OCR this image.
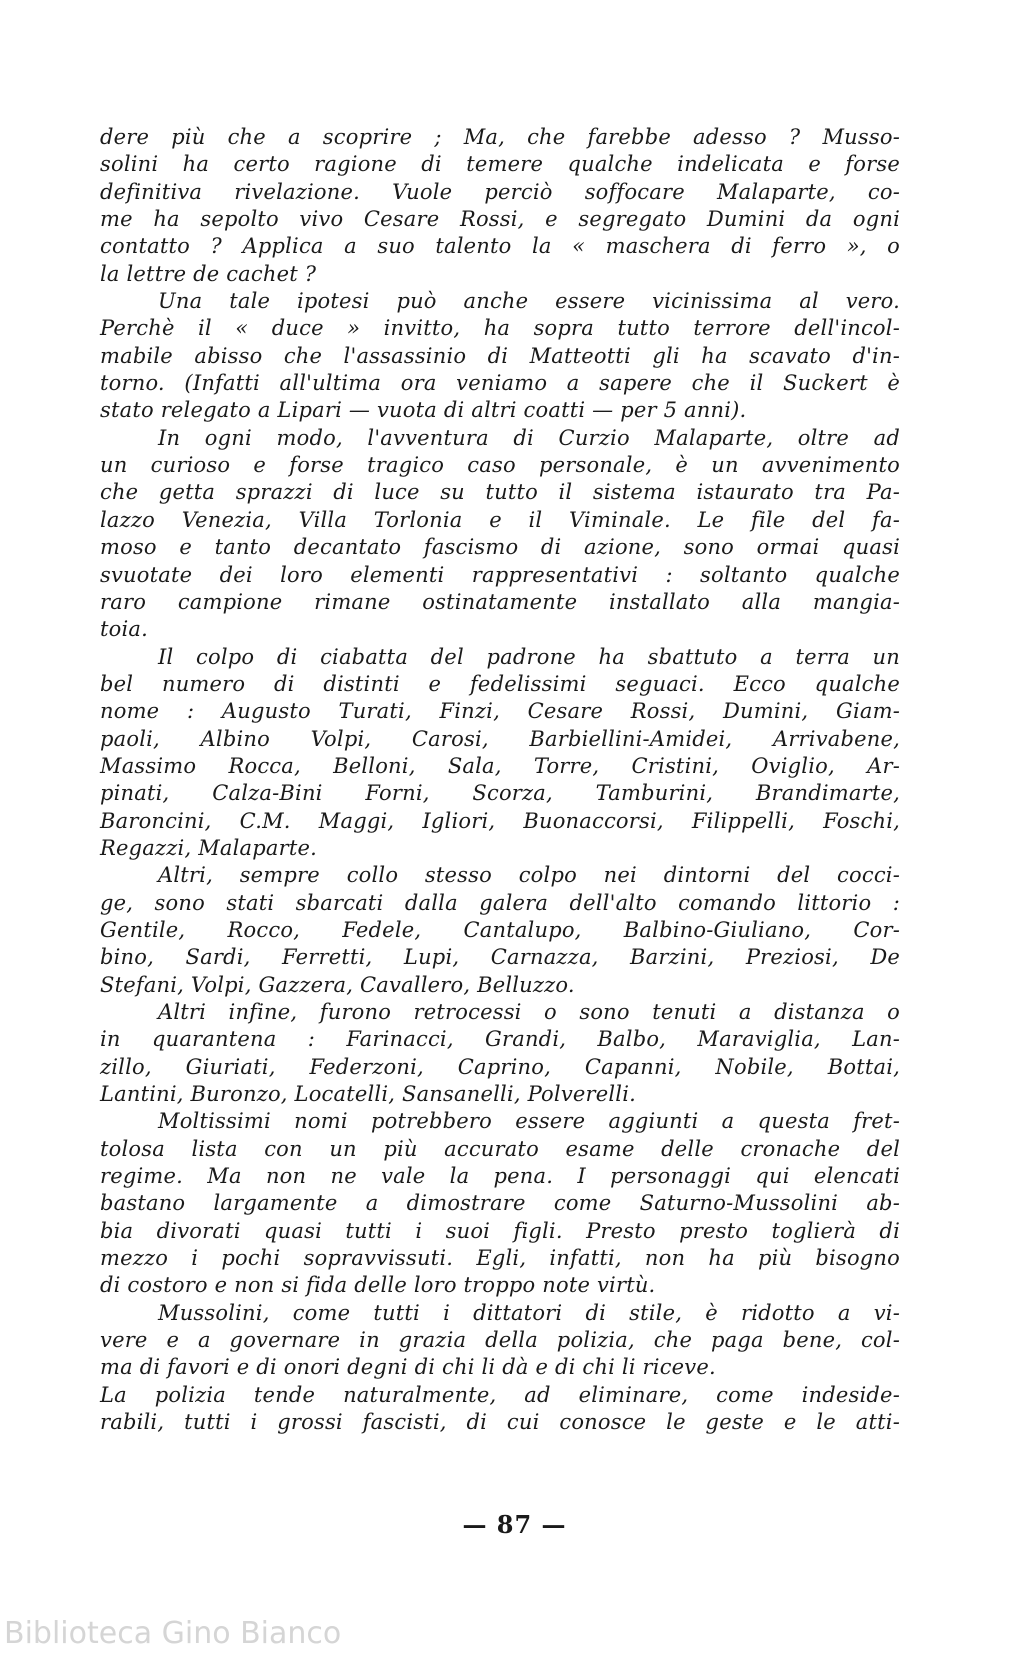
dere più che a scoprire ; Ma, che farebbe adesso ? Musso-
solini ha certo ragione di temere qualche indelicata e forse
definitiva rivelazione. Vuole perciò soffocare Malaparte, co-
me ha sepolto vivo Cesare Rossi, e segregato Dumini da ogni
contatto ? Applica a suo talento la « maschera di ferro », o
la lettre de cachet ?
Una tale ipotesi può anche essere vicinissima al vero.
Perchè il « duce » invitto, ha sopra tutto terrore dell'incol-
mabile abisso che l'assassinio di Matteotti gli ha scavato d'in-
torno. (Infatti all'ultima ora veniamo a sapere che il Suckert è
stato relegato a Lipari — vuota di altri coatti — per 5 anni).
In ogni modo, l'avventura di Curzio Malaparte, oltre ad
un curioso e forse tragico caso personale, è un avvenimento
che getta sprazzi di luce su tutto il sistema istaurato tra Pa-
lazzo Venezia, Villa Torlonia e il Viminale. Le file del fa-
moso e tanto decantato fascismo di azione, sono ormai quasi
svuotate dei loro elementi rappresentativi : soltanto qualche
raro campione rimane ostinatamente installato alla mangia-
toia.
Il colpo di ciabatta del padrone ha sbattuto a terra un
bel numero di distinti e fedelissimi seguaci. Ecco qualche
nome : Augusto Turati, Finzi, Cesare Rossi, Dumini, Giam-
paoli, Albino Volpi, Carosi, Barbiellini-Amidei, Arrivabene,
Massimo Rocca, Belloni, Sala, Torre, Cristini, Oviglio, Ar-
pinati, Calza-Bini Forni, Scorza, Tamburini, Brandimarte,
Baroncini, C.M. Maggi, Igliori, Buonaccorsi, Filippelli, Foschi,
Regazzi, Malaparte.
Altri, sempre collo stesso colpo nei dintorni del cocci-
ge, sono stati sbarcati dalla galera dell'alto comando littorio :
Gentile, Rocco, Fedele, Cantalupo, Balbino-Giuliano, Cor-
bino, Sardi, Ferretti, Lupi, Carnazza, Barzini, Preziosi, De
Stefani, Volpi, Gazzera, Cavallero, Belluzzo.
Altri infine, furono retrocessi o sono tenuti a distanza o
in quarantena : Farinacci, Grandi, Balbo, Maraviglia, Lan-
zillo, Giuriati, Federzoni, Caprino, Capanni, Nobile, Bottai,
Lantini, Buronzo, Locatelli, Sansanelli, Polverelli.
Moltissimi nomi potrebbero essere aggiunti a questa fret-
tolosa lista con un più accurato esame delle cronache del
regime. Ma non ne vale la pena. I personaggi qui elencati
bastano largamente a dimostrare come Saturno-Mussolini ab-
bia divorati quasi tutti i suoi figli. Presto presto toglierà di
mezzo i pochi sopravvissuti. Egli, infatti, non ha più bisogno
di costoro e non si fida delle loro troppo note virtù.
Mussolini, come tutti i dittatori di stile, è ridotto a vi-
vere e a governare in grazia della polizia, che paga bene, col-
ma di favori e di onori degni di chi li dà e di chi li riceve.
La polizia tende naturalmente, ad eliminare, come indeside-
rabili, tutti i grossi fascisti, di cui conosce le geste e le atti-
— 87 —
Biblioteca Gino Bianco
